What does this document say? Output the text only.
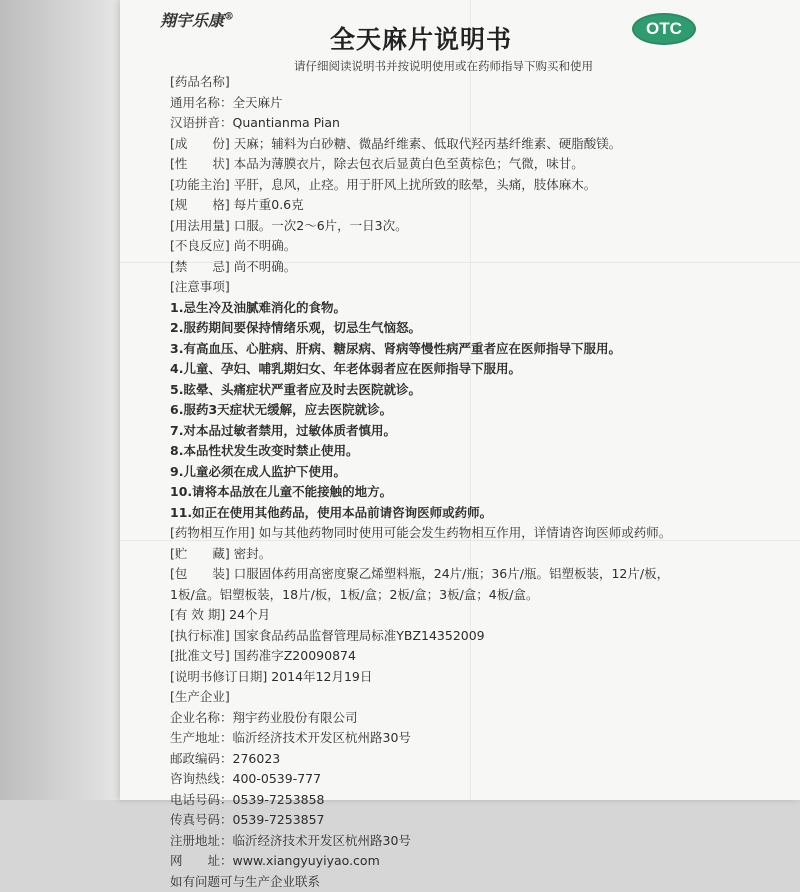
翔宇乐康®
全天麻片说明书	OTC
请仔细阅读说明书并按说明使用或在药师指导下购买和使用
[药品名称]
通用名称：全天麻片
汉语拼音：Quantianma Pian
[成　　份] 天麻；辅料为白砂糖、微晶纤维素、低取代羟丙基纤维素、硬脂酸镁。
[性　　状] 本品为薄膜衣片，除去包衣后显黄白色至黄棕色；气微，味甘。
[功能主治] 平肝，息风，止痉。用于肝风上扰所致的眩晕，头痛，肢体麻木。
[规　　格] 每片重0.6克
[用法用量] 口服。一次2～6片，一日3次。
[不良反应] 尚不明确。
[禁　　忌] 尚不明确。
[注意事项]
1.忌生冷及油腻难消化的食物。
2.服药期间要保持情绪乐观，切忌生气恼怒。
3.有高血压、心脏病、肝病、糖尿病、肾病等慢性病严重者应在医师指导下服用。
4.儿童、孕妇、哺乳期妇女、年老体弱者应在医师指导下服用。
5.眩晕、头痛症状严重者应及时去医院就诊。
6.服药3天症状无缓解，应去医院就诊。
7.对本品过敏者禁用，过敏体质者慎用。
8.本品性状发生改变时禁止使用。
9.儿童必须在成人监护下使用。
10.请将本品放在儿童不能接触的地方。
11.如正在使用其他药品，使用本品前请咨询医师或药师。
[药物相互作用] 如与其他药物同时使用可能会发生药物相互作用，详情请咨询医师或药师。
[贮　　藏] 密封。
[包　　装] 口服固体药用高密度聚乙烯塑料瓶，24片/瓶；36片/瓶。铝塑板装，12片/板，
1板/盒。铝塑板装，18片/板，1板/盒；2板/盒；3板/盒；4板/盒。
[有 效 期] 24个月
[执行标准] 国家食品药品监督管理局标准YBZ14352009
[批准文号] 国药准字Z20090874
[说明书修订日期] 2014年12月19日
[生产企业]
企业名称：翔宇药业股份有限公司
生产地址：临沂经济技术开发区杭州路30号
邮政编码：276023
咨询热线：400-0539-777
电话号码：0539-7253858
传真号码：0539-7253857
注册地址：临沂经济技术开发区杭州路30号
网　　址：www.xiangyuyiyao.com
如有问题可与生产企业联系
